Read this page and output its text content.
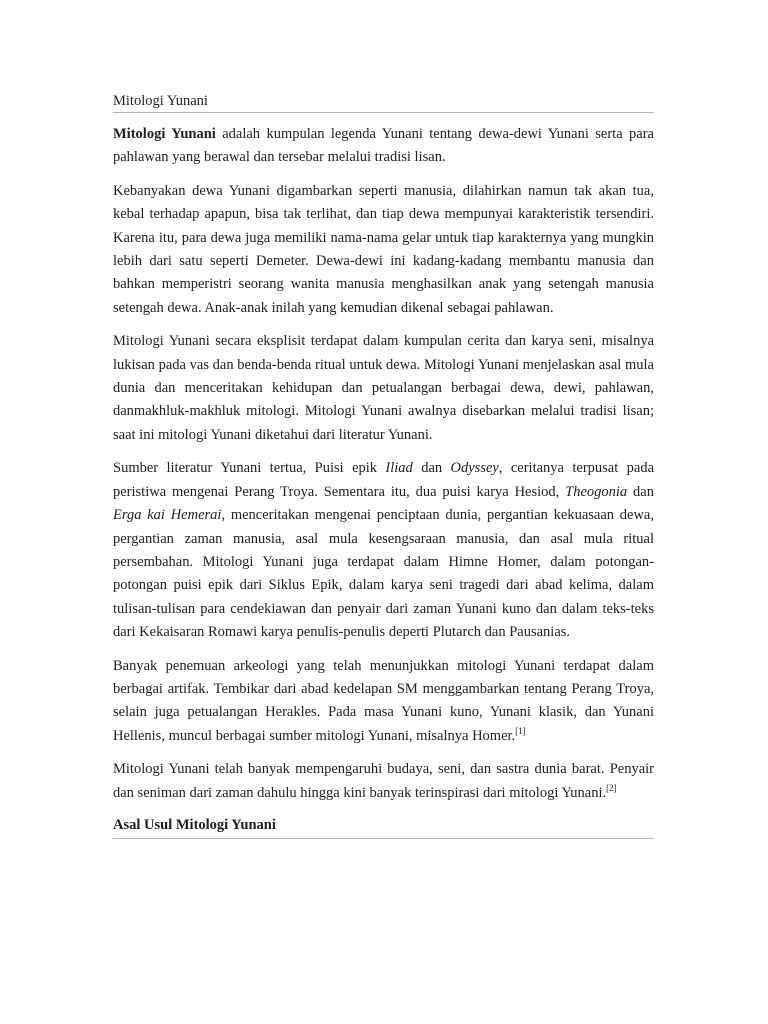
Mitologi Yunani

Mitologi Yunani adalah kumpulan legenda Yunani tentang dewa-dewi Yunani serta para pahlawan yang berawal dan tersebar melalui tradisi lisan.

Kebanyakan dewa Yunani digambarkan seperti manusia, dilahirkan namun tak akan tua, kebal terhadap apapun, bisa tak terlihat, dan tiap dewa mempunyai karakteristik tersendiri. Karena itu, para dewa juga memiliki nama-nama gelar untuk tiap karakternya yang mungkin lebih dari satu seperti Demeter. Dewa-dewi ini kadang-kadang membantu manusia dan bahkan memperistri seorang wanita manusia menghasilkan anak yang setengah manusia setengah dewa. Anak-anak inilah yang kemudian dikenal sebagai pahlawan.

Mitologi Yunani secara eksplisit terdapat dalam kumpulan cerita dan karya seni, misalnya lukisan pada vas dan benda-benda ritual untuk dewa. Mitologi Yunani menjelaskan asal mula dunia dan menceritakan kehidupan dan petualangan berbagai dewa, dewi, pahlawan, danmakhluk-makhluk mitologi. Mitologi Yunani awalnya disebarkan melalui tradisi lisan; saat ini mitologi Yunani diketahui dari literatur Yunani.

Sumber literatur Yunani tertua, Puisi epik Iliad dan Odyssey, ceritanya terpusat pada peristiwa mengenai Perang Troya. Sementara itu, dua puisi karya Hesiod, Theogonia dan Erga kai Hemerai, menceritakan mengenai penciptaan dunia, pergantian kekuasaan dewa, pergantian zaman manusia, asal mula kesengsaraan manusia, dan asal mula ritual persembahan. Mitologi Yunani juga terdapat dalam Himne Homer, dalam potongan-potongan puisi epik dari Siklus Epik, dalam karya seni tragedi dari abad kelima, dalam tulisan-tulisan para cendekiawan dan penyair dari zaman Yunani kuno dan dalam teks-teks dari Kekaisaran Romawi karya penulis-penulis deperti Plutarch dan Pausanias.

Banyak penemuan arkeologi yang telah menunjukkan mitologi Yunani terdapat dalam berbagai artifak. Tembikar dari abad kedelapan SM menggambarkan tentang Perang Troya, selain juga petualangan Herakles. Pada masa Yunani kuno, Yunani klasik, dan Yunani Hellenis, muncul berbagai sumber mitologi Yunani, misalnya Homer.[1]

Mitologi Yunani telah banyak mempengaruhi budaya, seni, dan sastra dunia barat. Penyair dan seniman dari zaman dahulu hingga kini banyak terinspirasi dari mitologi Yunani.[2]

Asal Usul Mitologi Yunani
